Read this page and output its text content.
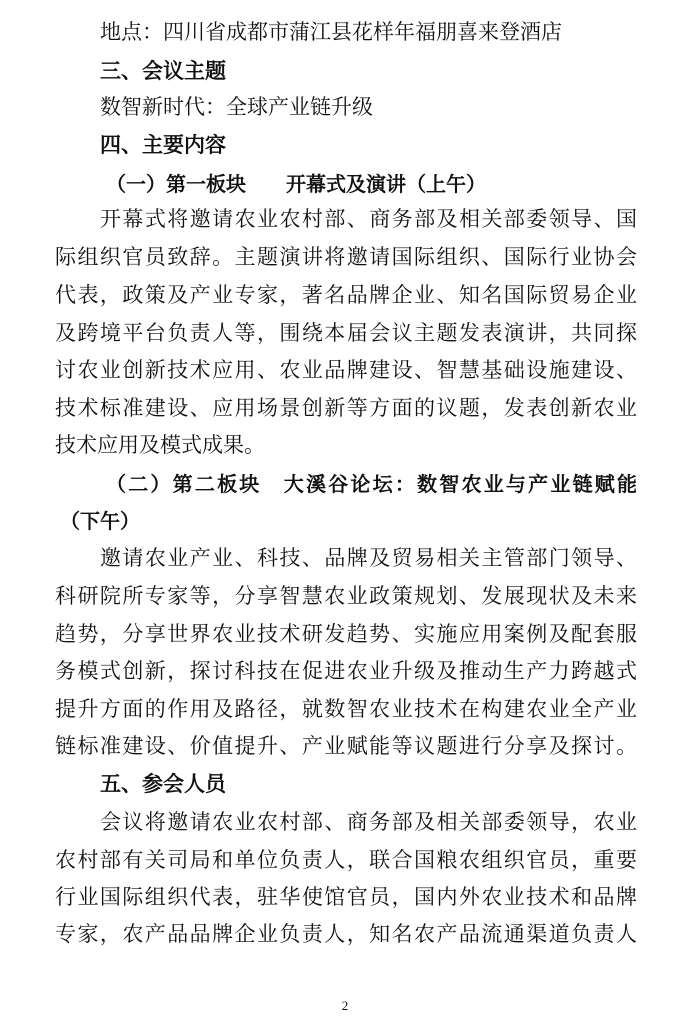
地点：四川省成都市蒲江县花样年福朋喜来登酒店
三、会议主题
数智新时代：全球产业链升级
四、主要内容
（一）第一板块　　开幕式及演讲（上午）
开幕式将邀请农业农村部、商务部及相关部委领导、国
际组织官员致辞。主题演讲将邀请国际组织、国际行业协会
代表，政策及产业专家，著名品牌企业、知名国际贸易企业
及跨境平台负责人等，围绕本届会议主题发表演讲，共同探
讨农业创新技术应用、农业品牌建设、智慧基础设施建设、
技术标准建设、应用场景创新等方面的议题，发表创新农业
技术应用及模式成果。
（二）第二板块　大溪谷论坛：数智农业与产业链赋能
（下午）
邀请农业产业、科技、品牌及贸易相关主管部门领导、
科研院所专家等，分享智慧农业政策规划、发展现状及未来
趋势，分享世界农业技术研发趋势、实施应用案例及配套服
务模式创新，探讨科技在促进农业升级及推动生产力跨越式
提升方面的作用及路径，就数智农业技术在构建农业全产业
链标准建设、价值提升、产业赋能等议题进行分享及探讨。
五、参会人员
会议将邀请农业农村部、商务部及相关部委领导，农业
农村部有关司局和单位负责人，联合国粮农组织官员，重要
行业国际组织代表，驻华使馆官员，国内外农业技术和品牌
专家，农产品品牌企业负责人，知名农产品流通渠道负责人
2
